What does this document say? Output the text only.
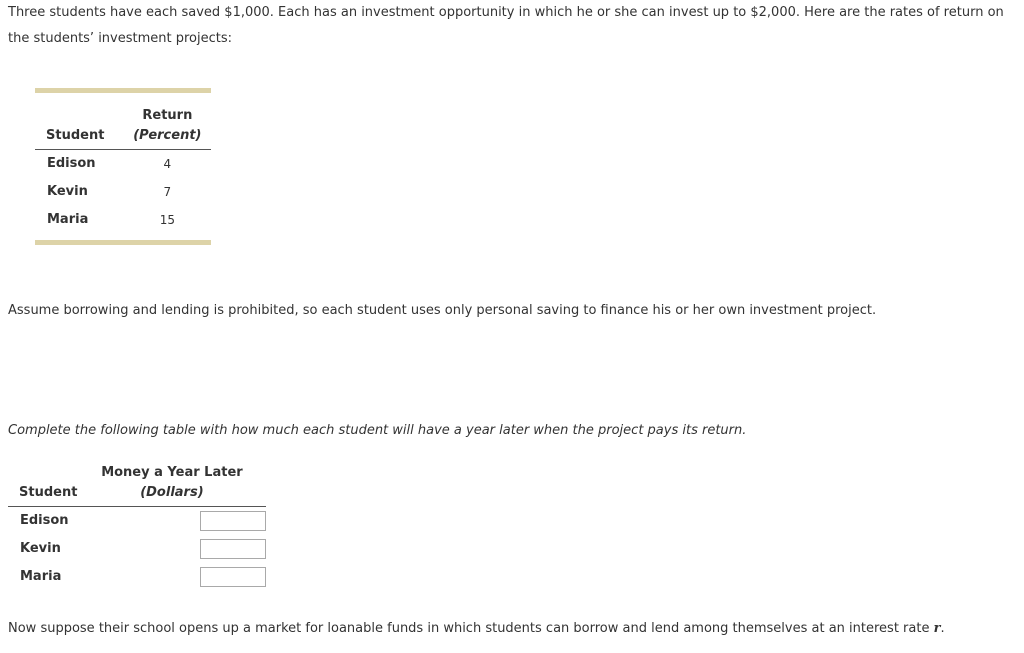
Three students have each saved $1,000. Each has an investment opportunity in which he or she can invest up to $2,000. Here are the rates of return on the students’ investment projects:

	Return
Student	(Percent)
Edison	4
Kevin	7
Maria	15

Assume borrowing and lending is prohibited, so each student uses only personal saving to finance his or her own investment project.

Complete the following table with how much each student will have a year later when the project pays its return.

	Money a Year Later
Student	(Dollars)
Edison	

Kevin	

Maria	

Now suppose their school opens up a market for loanable funds in which students can borrow and lend among themselves at an interest rate r.
